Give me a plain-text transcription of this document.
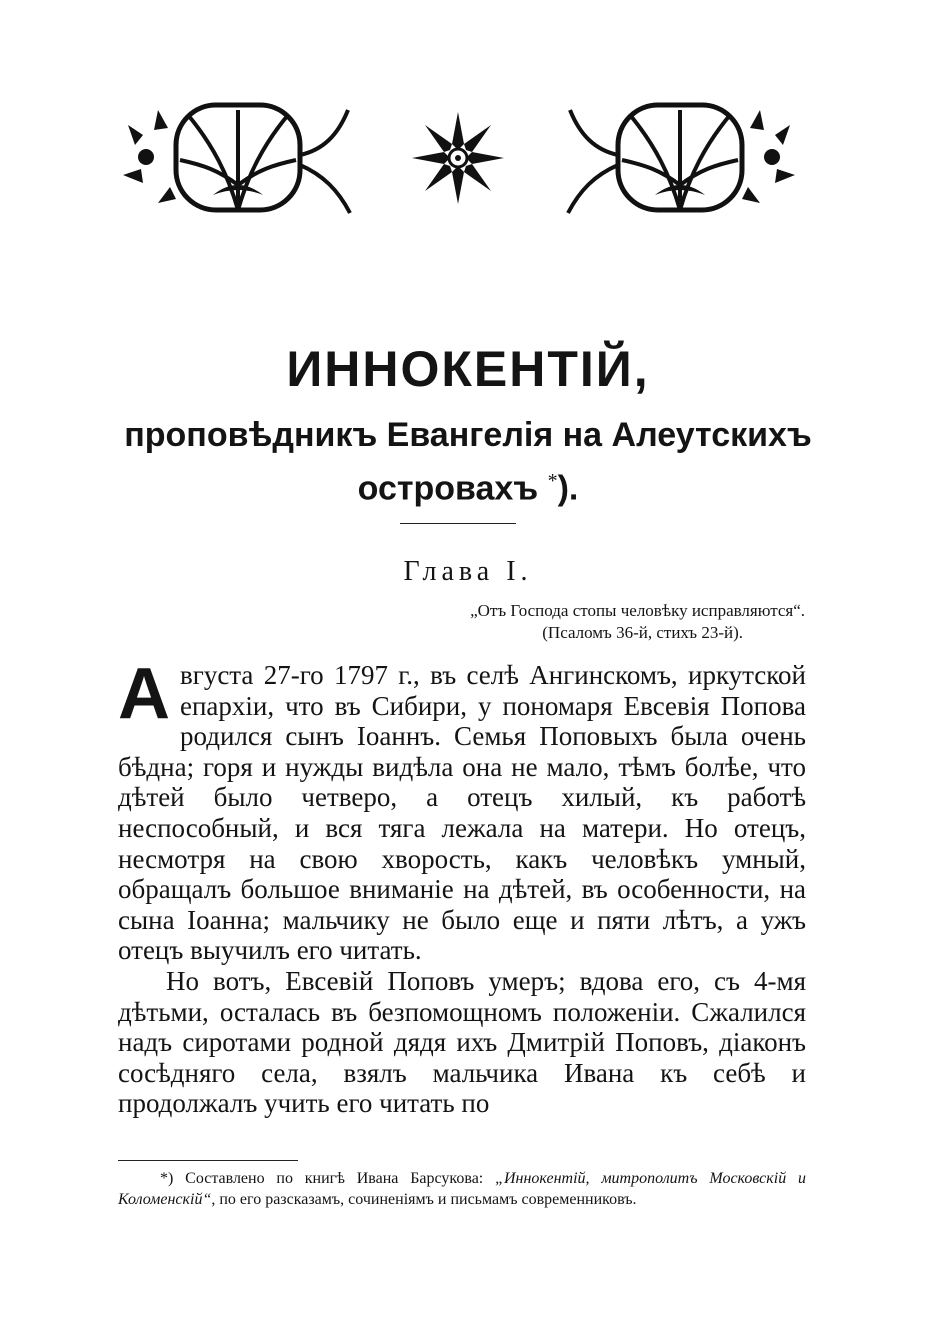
ИННОКЕНТІЙ,
проповѣдникъ Евангелія на Алеутскихъ
островахъ *).
Глава I.
„Отъ Господа стопы человѣку исправляются“.
(Псаломъ 36-й, стихъ 23-й).

Августа 27-го 1797 г., въ селѣ Ангинскомъ, иркутской епархіи, что въ Сибири, у пономаря Евсевія Попова родился сынъ Іоаннъ. Семья Поповыхъ была очень бѣдна; горя и нужды видѣла она не мало, тѣмъ болѣе, что дѣтей было четверо, а отецъ хилый, къ работѣ неспособный, и вся тяга лежала на матери. Но отецъ, несмотря на свою хворость, какъ человѣкъ умный, обращалъ большое вниманіе на дѣтей, въ особенности, на сына Іоанна; мальчику не было еще и пяти лѣтъ, а ужъ отецъ выучилъ его читать.

Но вотъ, Евсевій Поповъ умеръ; вдова его, съ 4-мя дѣтьми, осталась въ безпомощномъ положеніи. Сжалился надъ сиротами родной дядя ихъ Дмитрій Поповъ, діаконъ сосѣдняго села, взялъ мальчика Ивана къ себѣ и продолжалъ учить его читать по

*) Составлено по книгѣ Ивана Барсукова: „Иннокентій, митрополитъ Московскій и Коломенскій“, по его разсказамъ, сочиненіямъ и письмамъ современниковъ.
